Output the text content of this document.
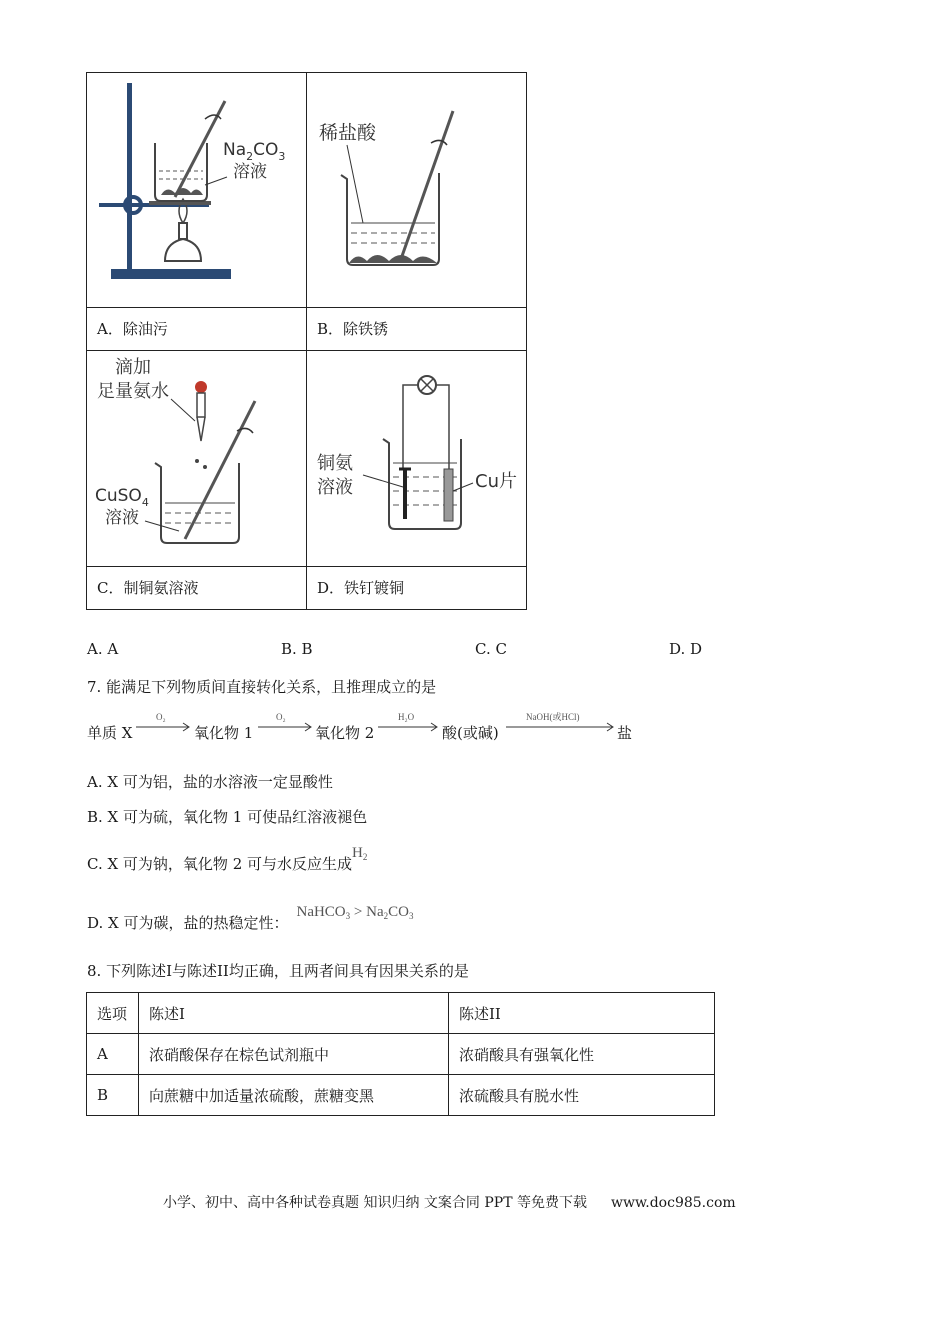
$Na_2CO_3$
溶液	稀盐酸

A．除油污	B．除铁锈

滴加
足量氨水
CuSO$_4$
溶液	铜氨
溶液 Cu片

C．制铜氨溶液	D．铁钉镀铜
A. A	B. B	C. C	D. D
7. 能满足下列物质间直接转化关系，且推理成立的是
单质 X
O₂
氧化物 1
O₂
氧化物 2
H₂O
酸(或碱)
NaOH(或HCl)
盐
A. X 可为铝，盐的水溶液一定显酸性
B. X 可为硫，氧化物 1 可使品红溶液褪色
C. X 可为钠，氧化物 2 可与水反应生成$H_2$
D. X 可为碳，盐的热稳定性：NaHCO$_3$ > $Na_2CO_3$
8. 下列陈述I与陈述II均正确，且两者间具有因果关系的是
选项	陈述I	陈述II
A	浓硝酸保存在棕色试剂瓶中	浓硝酸具有强氧化性
B	向蔗糖中加适量浓硫酸，蔗糖变黑	浓硫酸具有脱水性
小学、初中、高中各种试卷真题 知识归纳 文案合同 PPT 等免费下载 www.doc985.com
